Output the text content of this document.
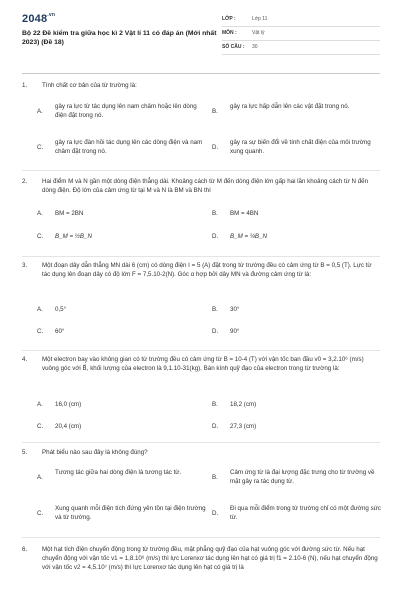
$2048^{.vn}$
Bộ 22 Đề kiểm tra giữa học kì 2 Vật lí 11 có đáp án (Mới nhất 2023) (Đề 18)
LỚP :	Lớp 11
MÔN :	Vật lý
SỐ CÂU :	30
1. Tính chất cơ bản của từ trường là:
A.
gây ra lực từ tác dụng lên nam châm hoặc lên dòng điện đặt trong nó.
B.
gây ra lực hấp dẫn lên các vật đặt trong nó.
C.
gây ra lực đàn hồi tác dụng lên các dòng điện và nam châm đặt trong nó.
D.
gây ra sự biến đổi về tính chất điện của môi trường xung quanh.
2. Hai điểm M và N gần một dòng điện thẳng dài. Khoảng cách từ M đến dòng điện lớn gấp hai lần khoảng cách từ N đến dòng điện. Độ lớn của cảm ứng từ tại M và N là BM và BN thì
A. BM = 2BN	B. BM = 4BN
C. B_M = ½B_N	D. B_M = ¼B_N
3. Một đoạn dây dẫn thẳng MN dài 6 (cm) có dòng điện I = 5 (A) đặt trong từ trường đều có cảm ứng từ B = 0,5 (T). Lực từ tác dụng lên đoạn dây có độ lớn F = 7,5.10-2(N). Góc α hợp bởi dây MN và đường cảm ứng từ là:
A. 0,5°	B. 30°
C. 60°	D. 90°
4. Một electron bay vào không gian có từ trường đều có cảm ứng từ B = 10-4 (T) với vận tốc ban đầu v0 = 3,2.10⁶ (m/s) vuông góc với B⃗, khối lượng của electron là 9,1.10-31(kg). Bán kính quỹ đạo của electron trong từ trường là:
A. 16,0 (cm)	B. 18,2 (cm)
C. 20,4 (cm)	D. 27,3 (cm)
5. Phát biểu nào sau đây là không đúng?
A.
Tương tác giữa hai dòng điện là tương tác từ.
B.
Cảm ứng từ là đại lượng đặc trưng cho từ trường về mặt gây ra tác dụng từ.
C.
Xung quanh mỗi điện tích đứng yên tồn tại điện trường và từ trường.
D.
Đi qua mỗi điểm trong từ trường chỉ có một đường sức từ.
6. Một hạt tích điện chuyển động trong từ trường đều, mặt phẳng quỹ đạo của hạt vuông góc với đường sức từ. Nếu hạt chuyển động với vận tốc v1 = 1,8.10⁶ (m/s) thì lực Lorenxơ tác dụng lên hạt có giá trị f1 = 2.10-6 (N), nếu hạt chuyển động với vận tốc v2 = 4,5.10⁷ (m/s) thì lực Lorenxơ tác dụng lên hạt có giá trị là
